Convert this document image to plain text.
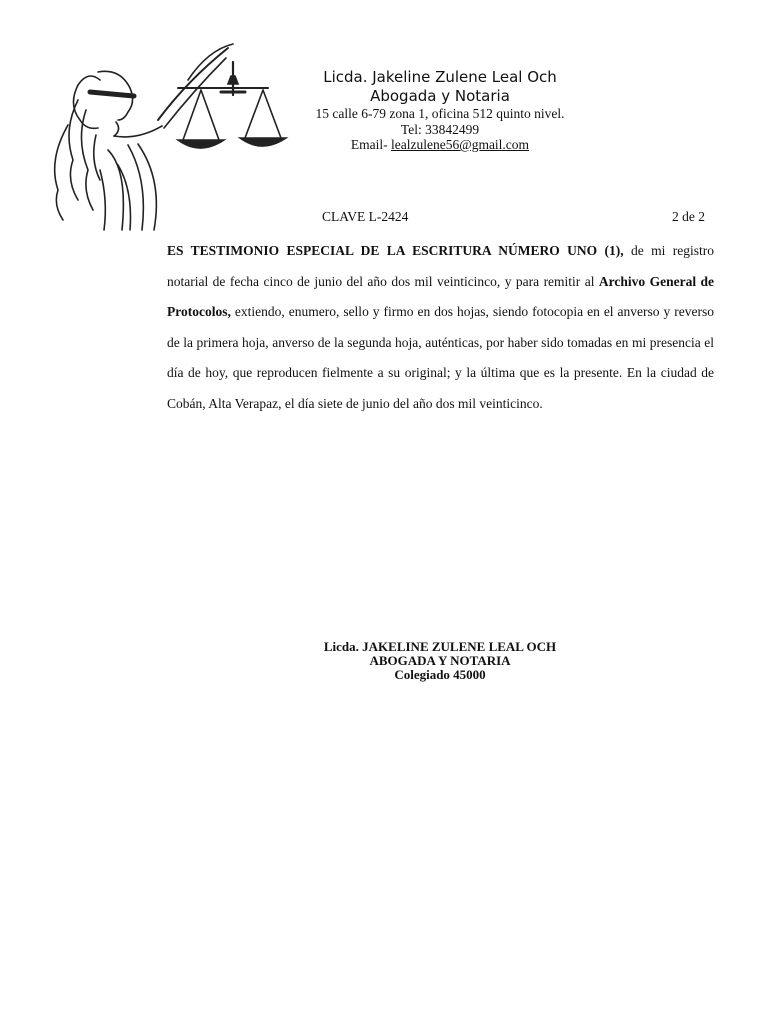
Licda. Jakeline Zulene Leal Och
Abogada y Notaria
15 calle 6-79 zona 1, oficina 512 quinto nivel.
Tel: 33842499
Email- lealzulene56@gmail.com
CLAVE L-2424	2 de 2
ES TESTIMONIO ESPECIAL DE LA ESCRITURA NÚMERO UNO (1), de mi registro notarial de fecha cinco de junio del año dos mil veinticinco, y para remitir al Archivo General de Protocolos, extiendo, enumero, sello y firmo en dos hojas, siendo fotocopia en el anverso y reverso de la primera hoja, anverso de la segunda hoja, auténticas, por haber sido tomadas en mi presencia el día de hoy, que reproducen fielmente a su original; y la última que es la presente. En la ciudad de Cobán, Alta Verapaz, el día siete de junio del año dos mil veinticinco.
Licda. JAKELINE ZULENE LEAL OCH
ABOGADA Y NOTARIA
Colegiado 45000
